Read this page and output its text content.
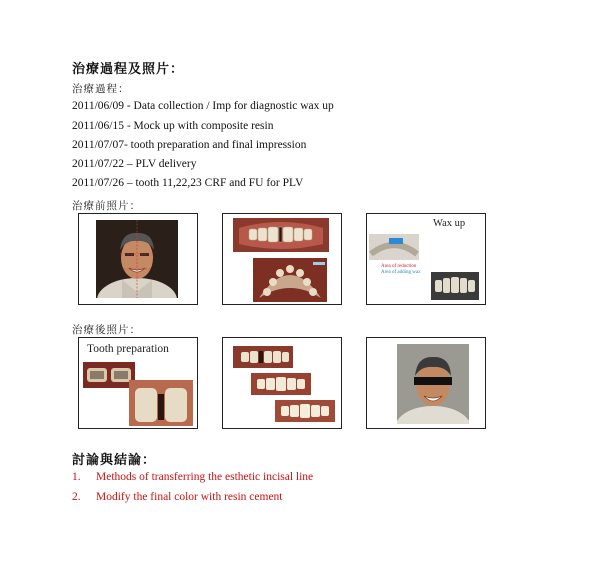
治療過程及照片：
治療過程：
2011/06/09 - Data collection / Imp for diagnostic wax up
2011/06/15 - Mock up with composite resin
2011/07/07- tooth preparation and final impression
2011/07/22 – PLV delivery
2011/07/26 – tooth 11,22,23 CRF and FU for PLV
治療前照片：
Wax up
Area of reduction
Area of adding wax
治療後照片：
Tooth preparation
討論與結論：
1. Methods of transferring the esthetic incisal line
2. Modify the final color with resin cement
